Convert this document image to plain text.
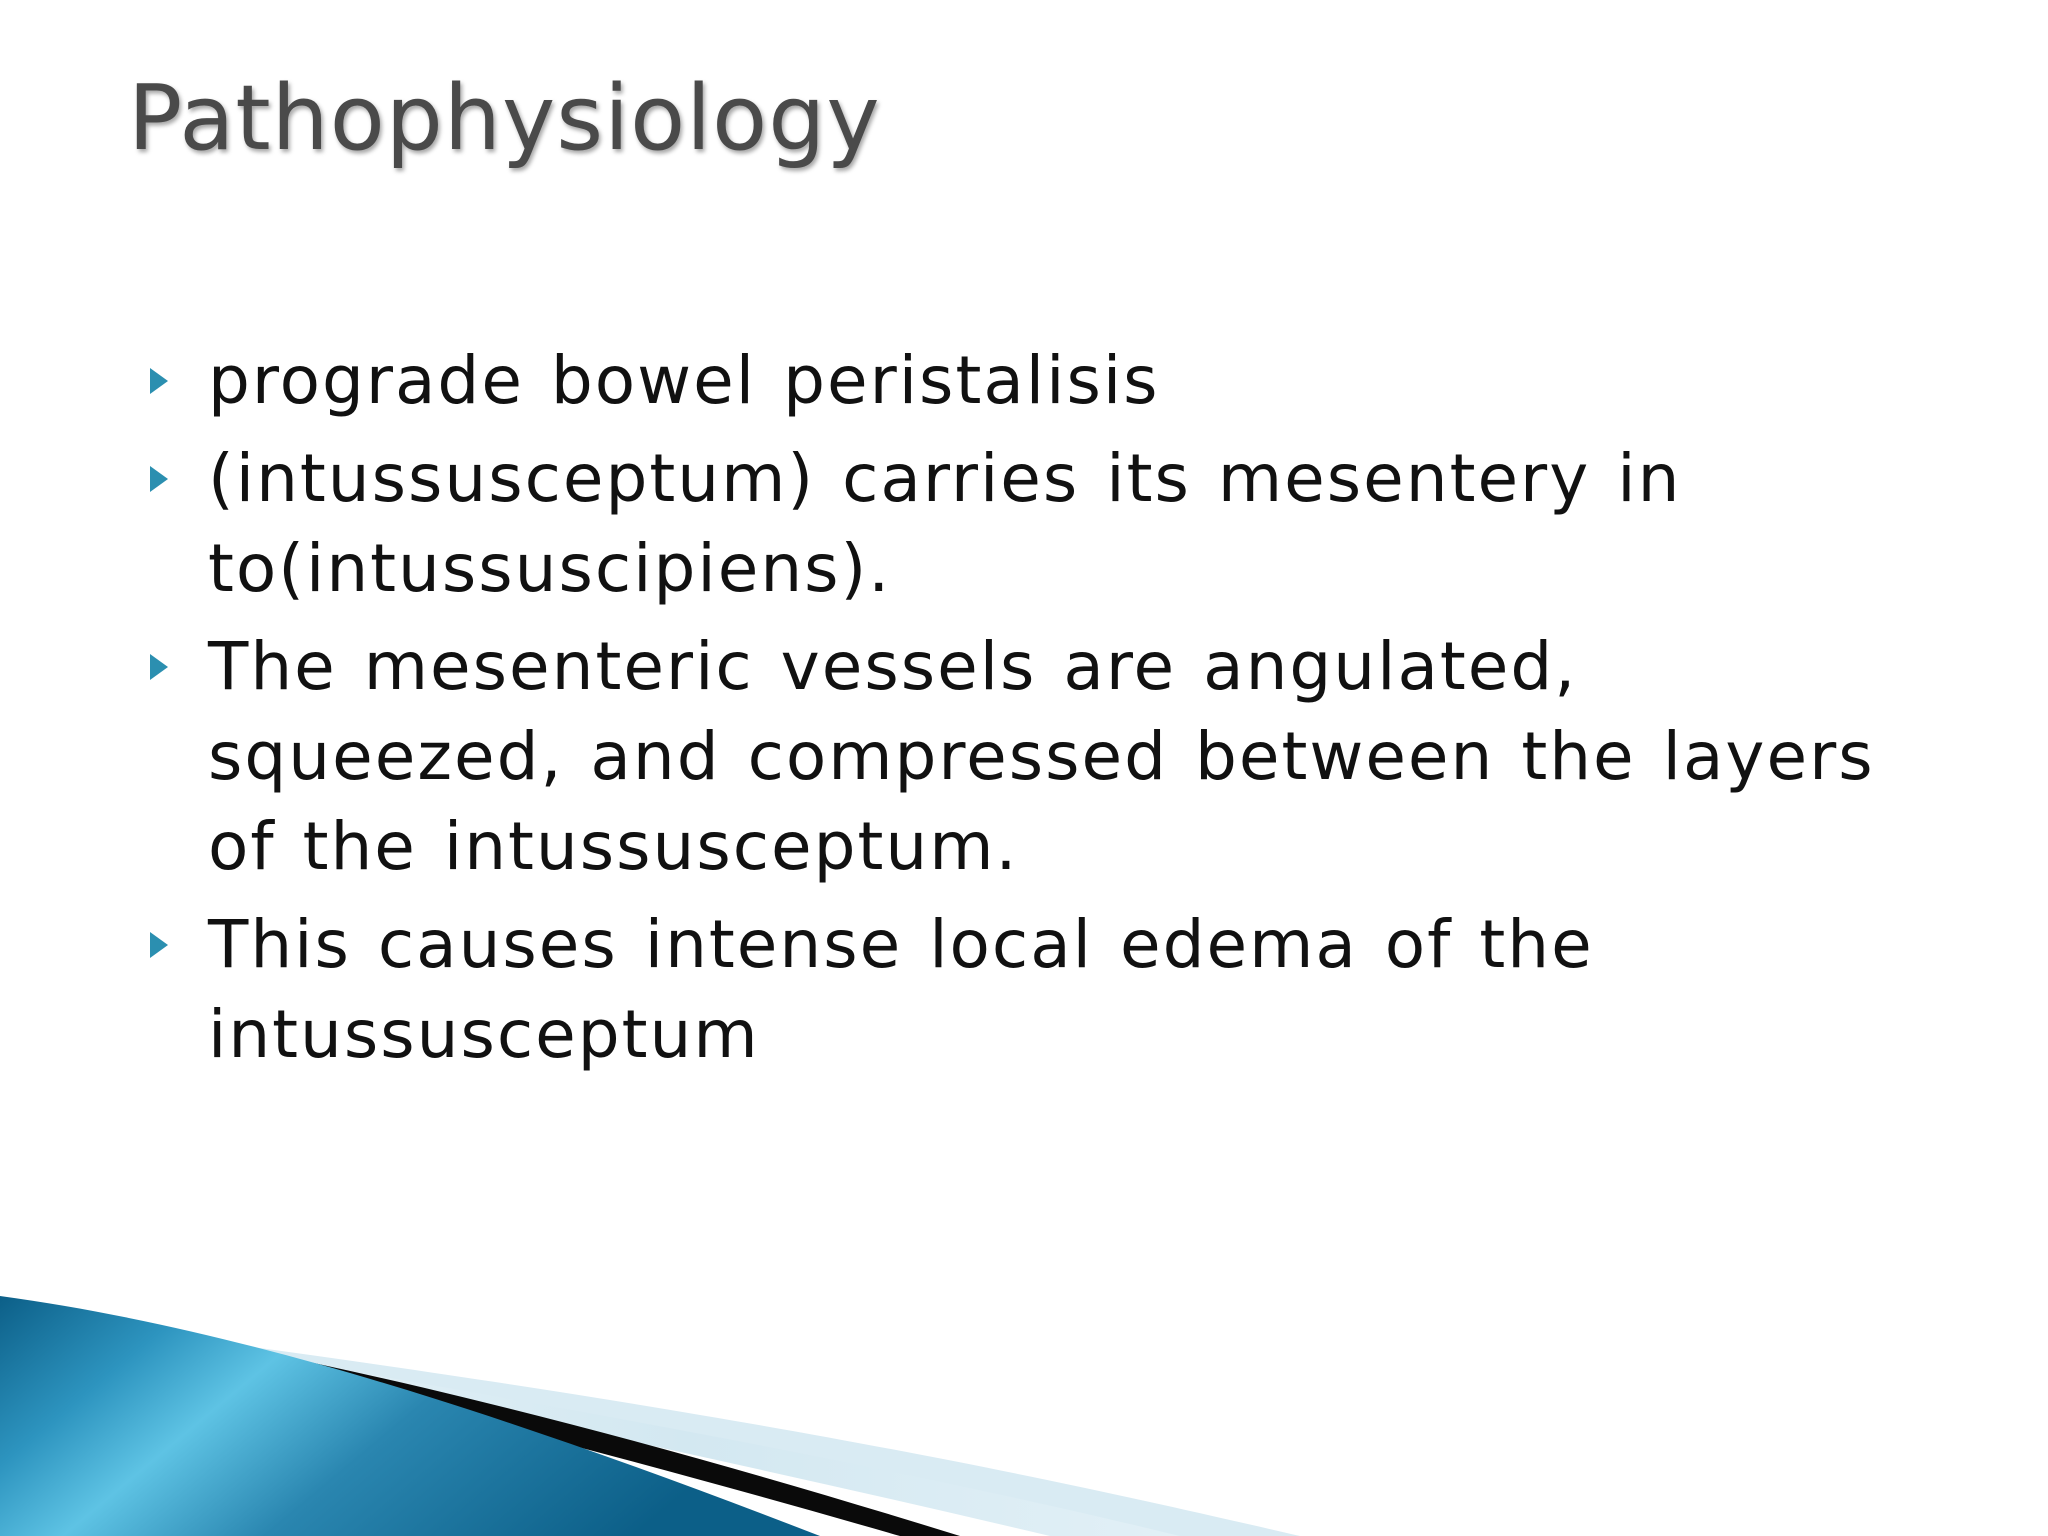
Pathophysiology
prograde bowel peristalisis
(intussusceptum) carries its mesentery in to(intussuscipiens).
The mesenteric vessels are angulated, squeezed, and compressed between the layers of the intussusceptum.
This causes intense local edema of the intussusceptum
